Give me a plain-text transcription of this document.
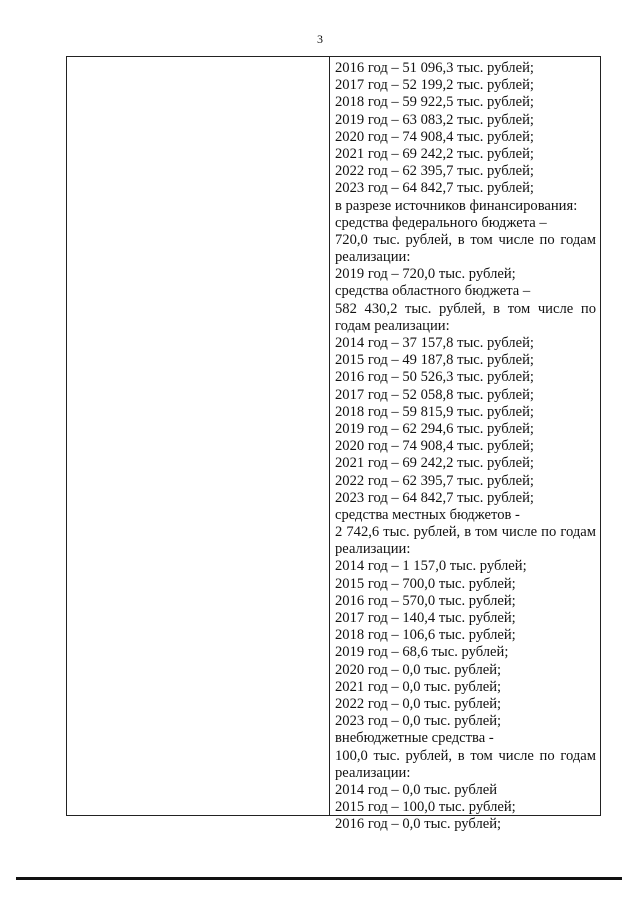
3
2016 год – 51 096,3 тыс. рублей;
2017 год – 52 199,2 тыс. рублей;
2018 год – 59 922,5 тыс. рублей;
2019 год – 63 083,2 тыс. рублей;
2020 год – 74 908,4 тыс. рублей;
2021 год – 69 242,2 тыс. рублей;
2022 год – 62 395,7 тыс. рублей;
2023 год – 64 842,7 тыс. рублей;
в разрезе источников финансирования:
средства федерального бюджета –
720,0 тыс. рублей, в том числе по годам
реализации:
2019 год – 720,0 тыс. рублей;
средства областного бюджета –
582 430,2 тыс. рублей, в том числе по
годам реализации:
2014 год – 37 157,8 тыс. рублей;
2015 год – 49 187,8 тыс. рублей;
2016 год – 50 526,3 тыс. рублей;
2017 год – 52 058,8 тыс. рублей;
2018 год – 59 815,9 тыс. рублей;
2019 год – 62 294,6 тыс. рублей;
2020 год – 74 908,4 тыс. рублей;
2021 год – 69 242,2 тыс. рублей;
2022 год – 62 395,7 тыс. рублей;
2023 год – 64 842,7 тыс. рублей;
средства местных бюджетов -
2 742,6 тыс. рублей, в том числе по годам
реализации:
2014 год – 1 157,0 тыс. рублей;
2015 год – 700,0 тыс. рублей;
2016 год – 570,0 тыс. рублей;
2017 год – 140,4 тыс. рублей;
2018 год – 106,6 тыс. рублей;
2019 год – 68,6 тыс. рублей;
2020 год – 0,0 тыс. рублей;
2021 год – 0,0 тыс. рублей;
2022 год – 0,0 тыс. рублей;
2023 год – 0,0 тыс. рублей;
внебюджетные средства -
100,0 тыс. рублей, в том числе по годам
реализации:
2014 год – 0,0 тыс. рублей
2015 год – 100,0 тыс. рублей;
2016 год – 0,0 тыс. рублей;
